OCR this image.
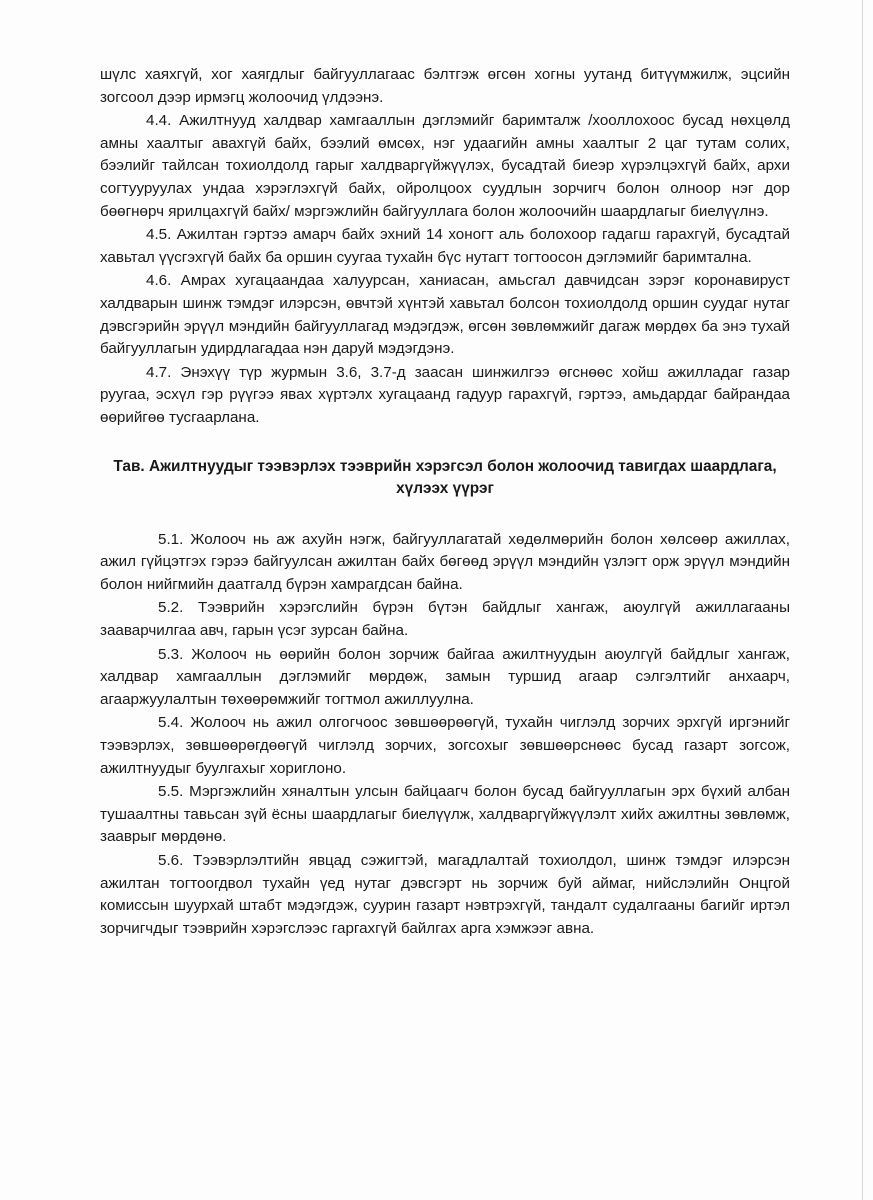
шүлс хаяхгүй, хог хаягдлыг байгууллагаас бэлтгэж өгсөн хогны уутанд битүүмжилж, эцсийн зогсоол дээр ирмэгц жолоочид үлдээнэ.

4.4. Ажилтнууд халдвар хамгааллын дэглэмийг баримталж /хооллохоос бусад нөхцөлд амны хаалтыг авахгүй байх, бээлий өмсөх, нэг удаагийн амны хаалтыг 2 цаг тутам солих, бээлийг тайлсан тохиолдолд гарыг халдваргүйжүүлэх, бусадтай биеэр хүрэлцэхгүй байх, архи согтууруулах ундаа хэрэглэхгүй байх, ойролцоох суудлын зорчигч болон олноор нэг дор бөөгнөрч ярилцахгүй байх/ мэргэжлийн байгууллага болон жолоочийн шаардлагыг биелүүлнэ.

4.5. Ажилтан гэртээ амарч байх эхний 14 хоногт аль болохоор гадагш гарахгүй, бусадтай хавьтал үүсгэхгүй байх ба оршин суугаа тухайн бүс нутагт тогтоосон дэглэмийг баримтална.

4.6. Амрах хугацаандаа халуурсан, ханиасан, амьсгал давчидсан зэрэг коронавируст халдварын шинж тэмдэг илэрсэн, өвчтэй хүнтэй хавьтал болсон тохиолдолд оршин суудаг нутаг дэвсгэрийн эрүүл мэндийн байгууллагад мэдэгдэж, өгсөн зөвлөмжийг дагаж мөрдөх ба энэ тухай байгууллагын удирдлагадаа нэн даруй мэдэгдэнэ.

4.7. Энэхүү түр журмын 3.6, 3.7-д заасан шинжилгээ өгснөөс хойш ажилладаг газар руугаа, эсхүл гэр рүүгээ явах хүртэлх хугацаанд гадуур гарахгүй, гэртээ, амьдардаг байрандаа өөрийгөө тусгаарлана.

Тав. Ажилтнуудыг тээвэрлэх тээврийн хэрэгсэл болон жолоочид тавигдах шаардлага, хүлээх үүрэг

5.1. Жолооч нь аж ахуйн нэгж, байгууллагатай хөдөлмөрийн болон хөлсөөр ажиллах, ажил гүйцэтгэх гэрээ байгуулсан ажилтан байх бөгөөд эрүүл мэндийн үзлэгт орж эрүүл мэндийн болон нийгмийн даатгалд бүрэн хамрагдсан байна.

5.2. Тээврийн хэрэгслийн бүрэн бүтэн байдлыг хангаж, аюулгүй ажиллагааны зааварчилгаа авч, гарын үсэг зурсан байна.

5.3. Жолооч нь өөрийн болон зорчиж байгаа ажилтнуудын аюулгүй байдлыг хангаж, халдвар хамгааллын дэглэмийг мөрдөж, замын туршид агаар сэлгэлтийг анхаарч, агааржуулалтын төхөөрөмжийг тогтмол ажиллуулна.

5.4. Жолооч нь ажил олгогчоос зөвшөөрөөгүй, тухайн чиглэлд зорчих эрхгүй иргэнийг тээвэрлэх, зөвшөөрөгдөөгүй чиглэлд зорчих, зогсохыг зөвшөөрснөөс бусад газарт зогсож, ажилтнуудыг буулгахыг хориглоно.

5.5. Мэргэжлийн хяналтын улсын байцаагч болон бусад байгууллагын эрх бүхий албан тушаалтны тавьсан зүй ёсны шаардлагыг биелүүлж, халдваргүйжүүлэлт хийх ажилтны зөвлөмж, зааврыг мөрдөнө.

5.6. Тээвэрлэлтийн явцад сэжигтэй, магадлалтай тохиолдол, шинж тэмдэг илэрсэн ажилтан тогтоогдвол тухайн үед нутаг дэвсгэрт нь зорчиж буй аймаг, нийслэлийн Онцгой комиссын шуурхай штабт мэдэгдэж, суурин газарт нэвтрэхгүй, тандалт судалгааны багийг иртэл зорчигчдыг тээврийн хэрэгслээс гаргахгүй байлгах арга хэмжээг авна.
